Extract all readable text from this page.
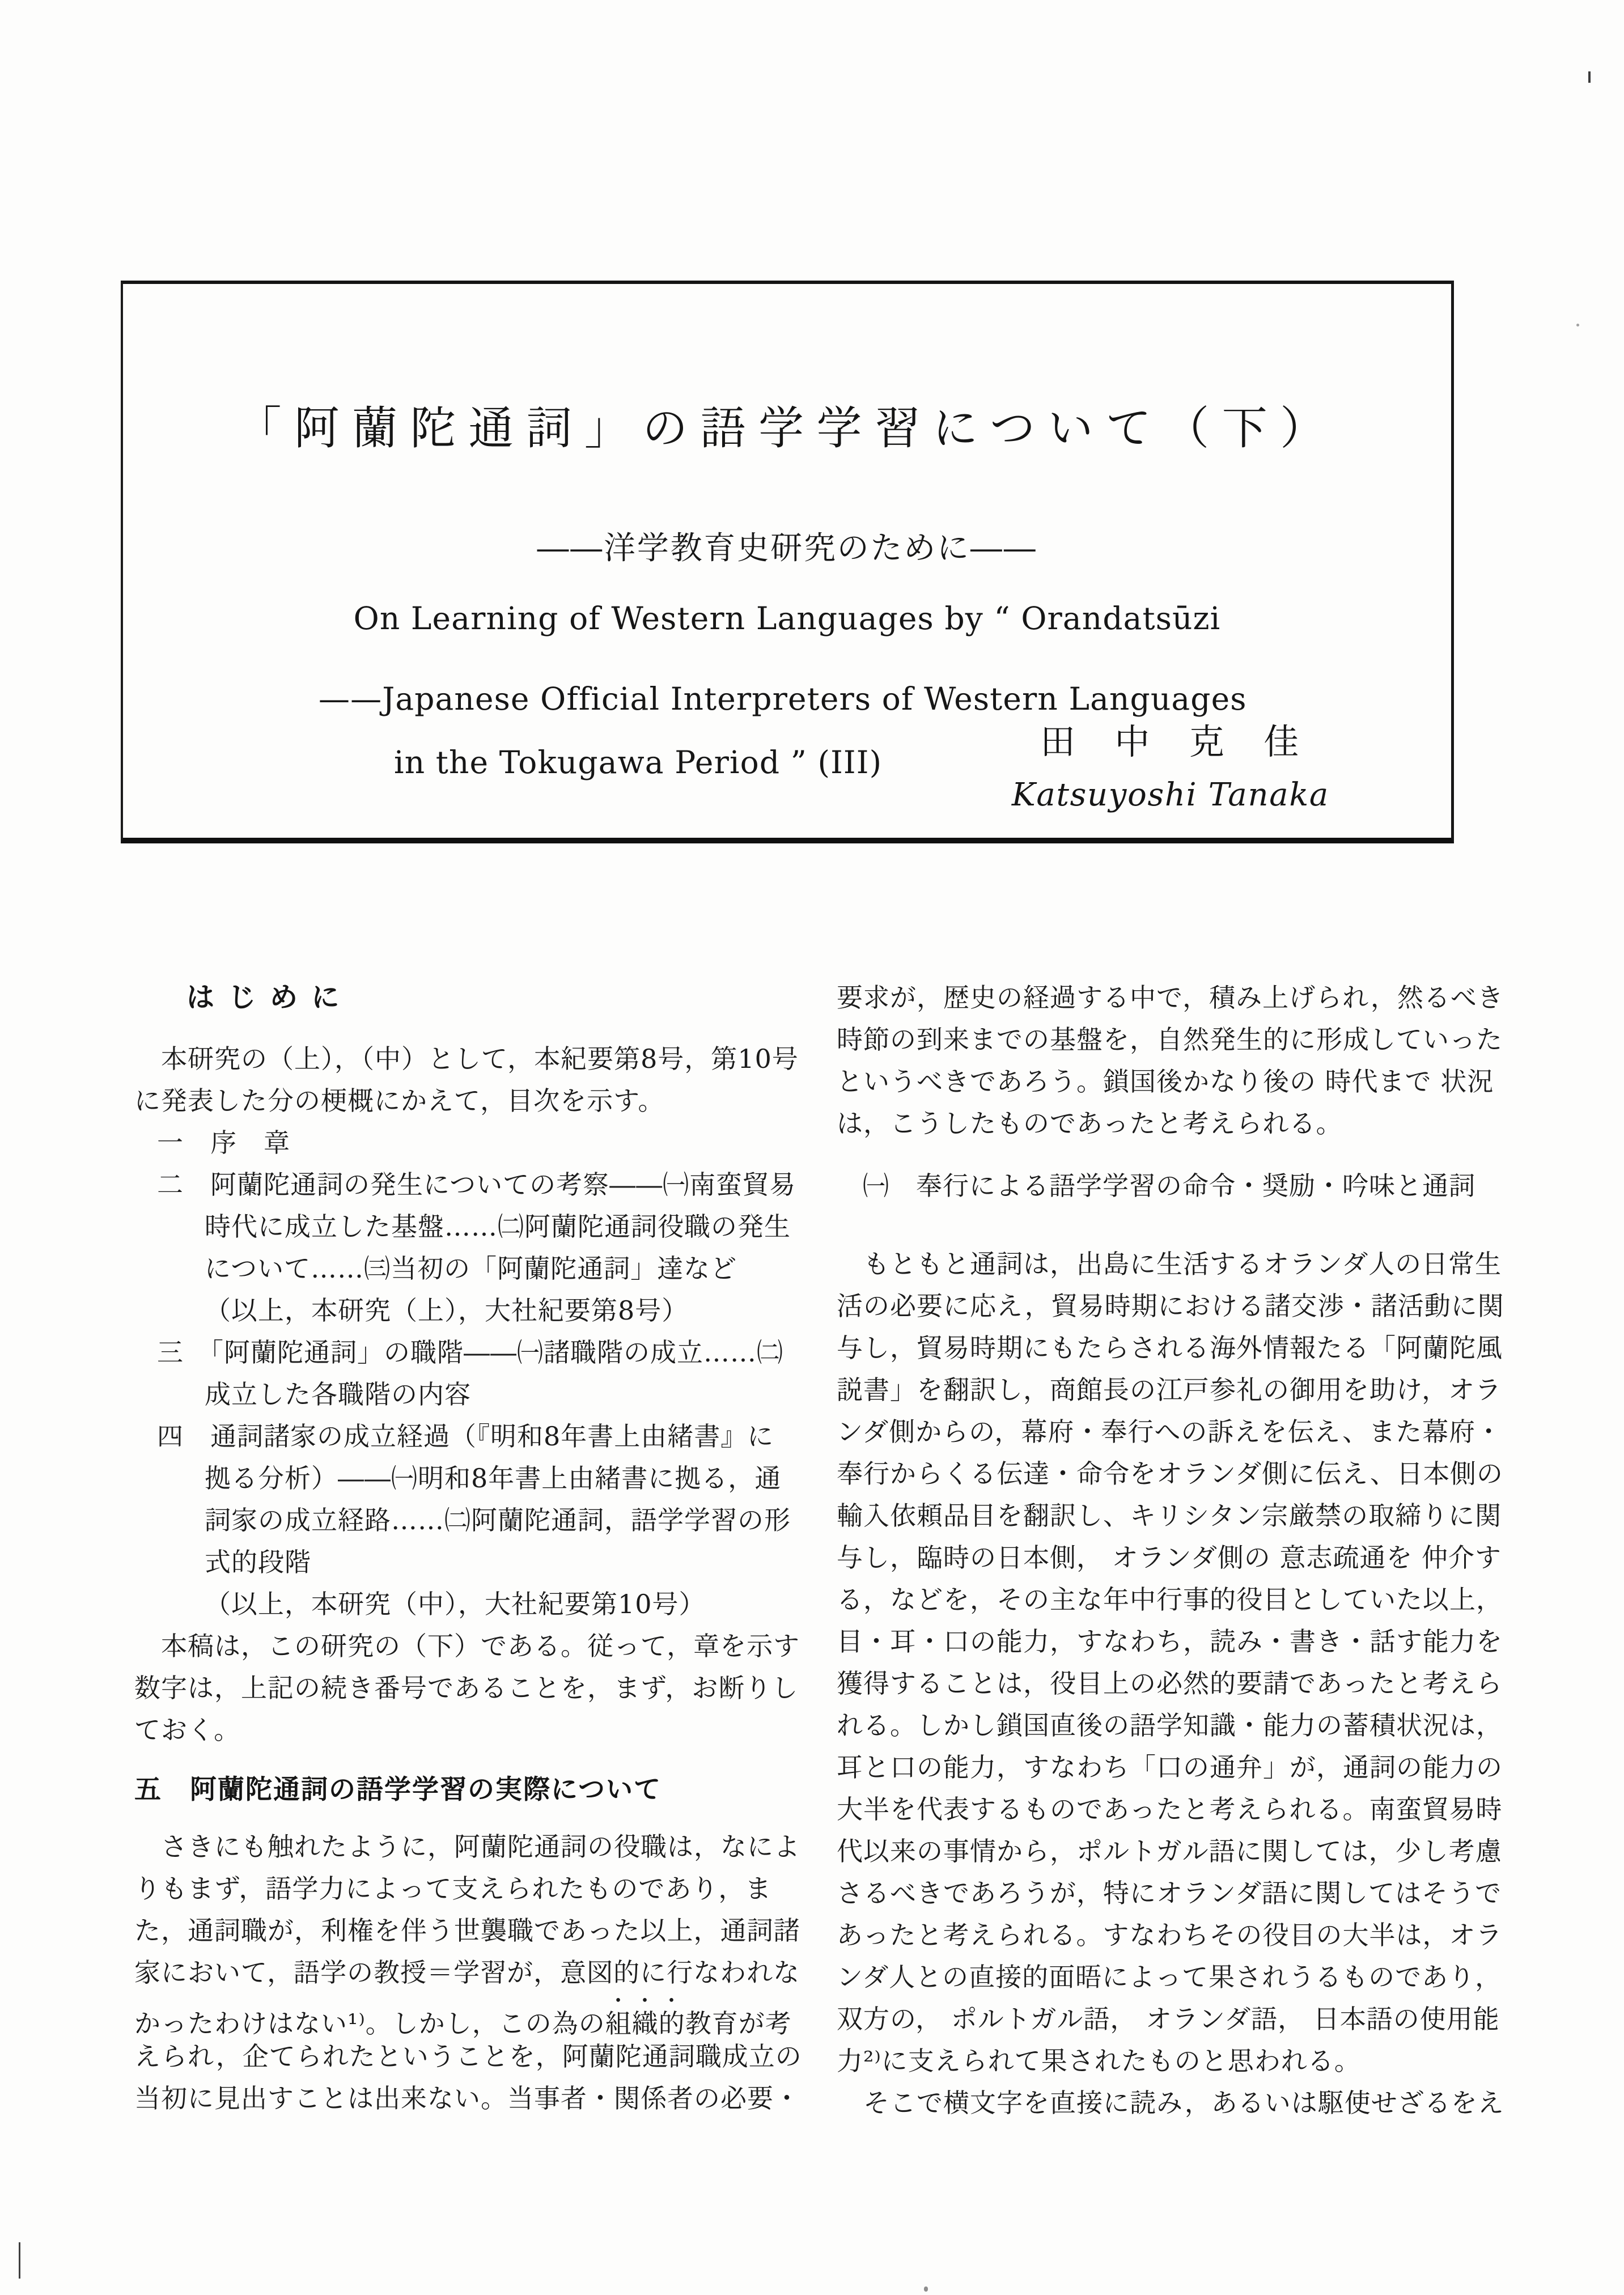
「阿蘭陀通詞」の語学学習について（下）
――洋学教育史研究のために――
On Learning of Western Languages by “ Orandatsūzi
——Japanese Official Interpreters of Western Languages
in the Tokugawa Period ” (III)	田　中　克　佳
Katsuyoshi Tanaka
はじめに
本研究の（上），（中）として，本紀要第8号，第10号
に発表した分の梗概にかえて，目次を示す。
一　序　章
二　阿蘭陀通詞の発生についての考察――㈠南蛮貿易
時代に成立した基盤……㈡阿蘭陀通詞役職の発生
について……㈢当初の「阿蘭陀通詞」達など
（以上，本研究（上），大社紀要第8号）
三　「阿蘭陀通詞」の職階――㈠諸職階の成立……㈡
成立した各職階の内容
四　通詞諸家の成立経過（『明和8年書上由緒書』に
拠る分析）――㈠明和8年書上由緒書に拠る，通
詞家の成立経路……㈡阿蘭陀通詞，語学学習の形
式的段階
（以上，本研究（中），大社紀要第10号）
本稿は，この研究の（下）である。従って，章を示す
数字は，上記の続き番号であることを，まず，お断りし
ておく。
五　阿蘭陀通詞の語学学習の実際について
さきにも触れたように，阿蘭陀通詞の役職は，なによ
りもまず，語学力によって支えられたものであり，ま
た，通詞職が，利権を伴う世襲職であった以上，通詞諸
家において，語学の教授＝学習が，意図的に行なわれな
かったわけはない¹⁾。しかし，この為の組織的教育が考
えられ，企てられたということを，阿蘭陀通詞職成立の
当初に見出すことは出来ない。当事者・関係者の必要・
要求が，歴史の経過する中で，積み上げられ，然るべき
時節の到来までの基盤を，自然発生的に形成していった
というべきであろう。鎖国後かなり後の 時代まで 状況
は，こうしたものであったと考えられる。
㈠　奉行による語学学習の命令・奨励・吟味と通詞
もともと通詞は，出島に生活するオランダ人の日常生
活の必要に応え，貿易時期における諸交渉・諸活動に関
与し，貿易時期にもたらされる海外情報たる「阿蘭陀風
説書」を翻訳し，商館長の江戸参礼の御用を助け，オラ
ンダ側からの，幕府・奉行への訴えを伝え、また幕府・
奉行からくる伝達・命令をオランダ側に伝え、日本側の
輸入依頼品目を翻訳し、キリシタン宗厳禁の取締りに関
与し，臨時の日本側， オランダ側の 意志疏通を 仲介す
る，などを，その主な年中行事的役目としていた以上，
目・耳・口の能力，すなわち，読み・書き・話す能力を
獲得することは，役目上の必然的要請であったと考えら
れる。しかし鎖国直後の語学知識・能力の蓄積状況は，
耳と口の能力，すなわち「口の通弁」が，通詞の能力の
大半を代表するものであったと考えられる。南蛮貿易時
代以来の事情から，ポルトガル語に関しては，少し考慮
さるべきであろうが，特にオランダ語に関してはそうで
あったと考えられる。すなわちその役目の大半は，オラ
ンダ人との直接的面晤によって果されうるものであり，
双方の， ポルトガル語， オランダ語， 日本語の使用能
力²⁾に支えられて果されたものと思われる。
そこで横文字を直接に読み，あるいは駆使せざるをえ
